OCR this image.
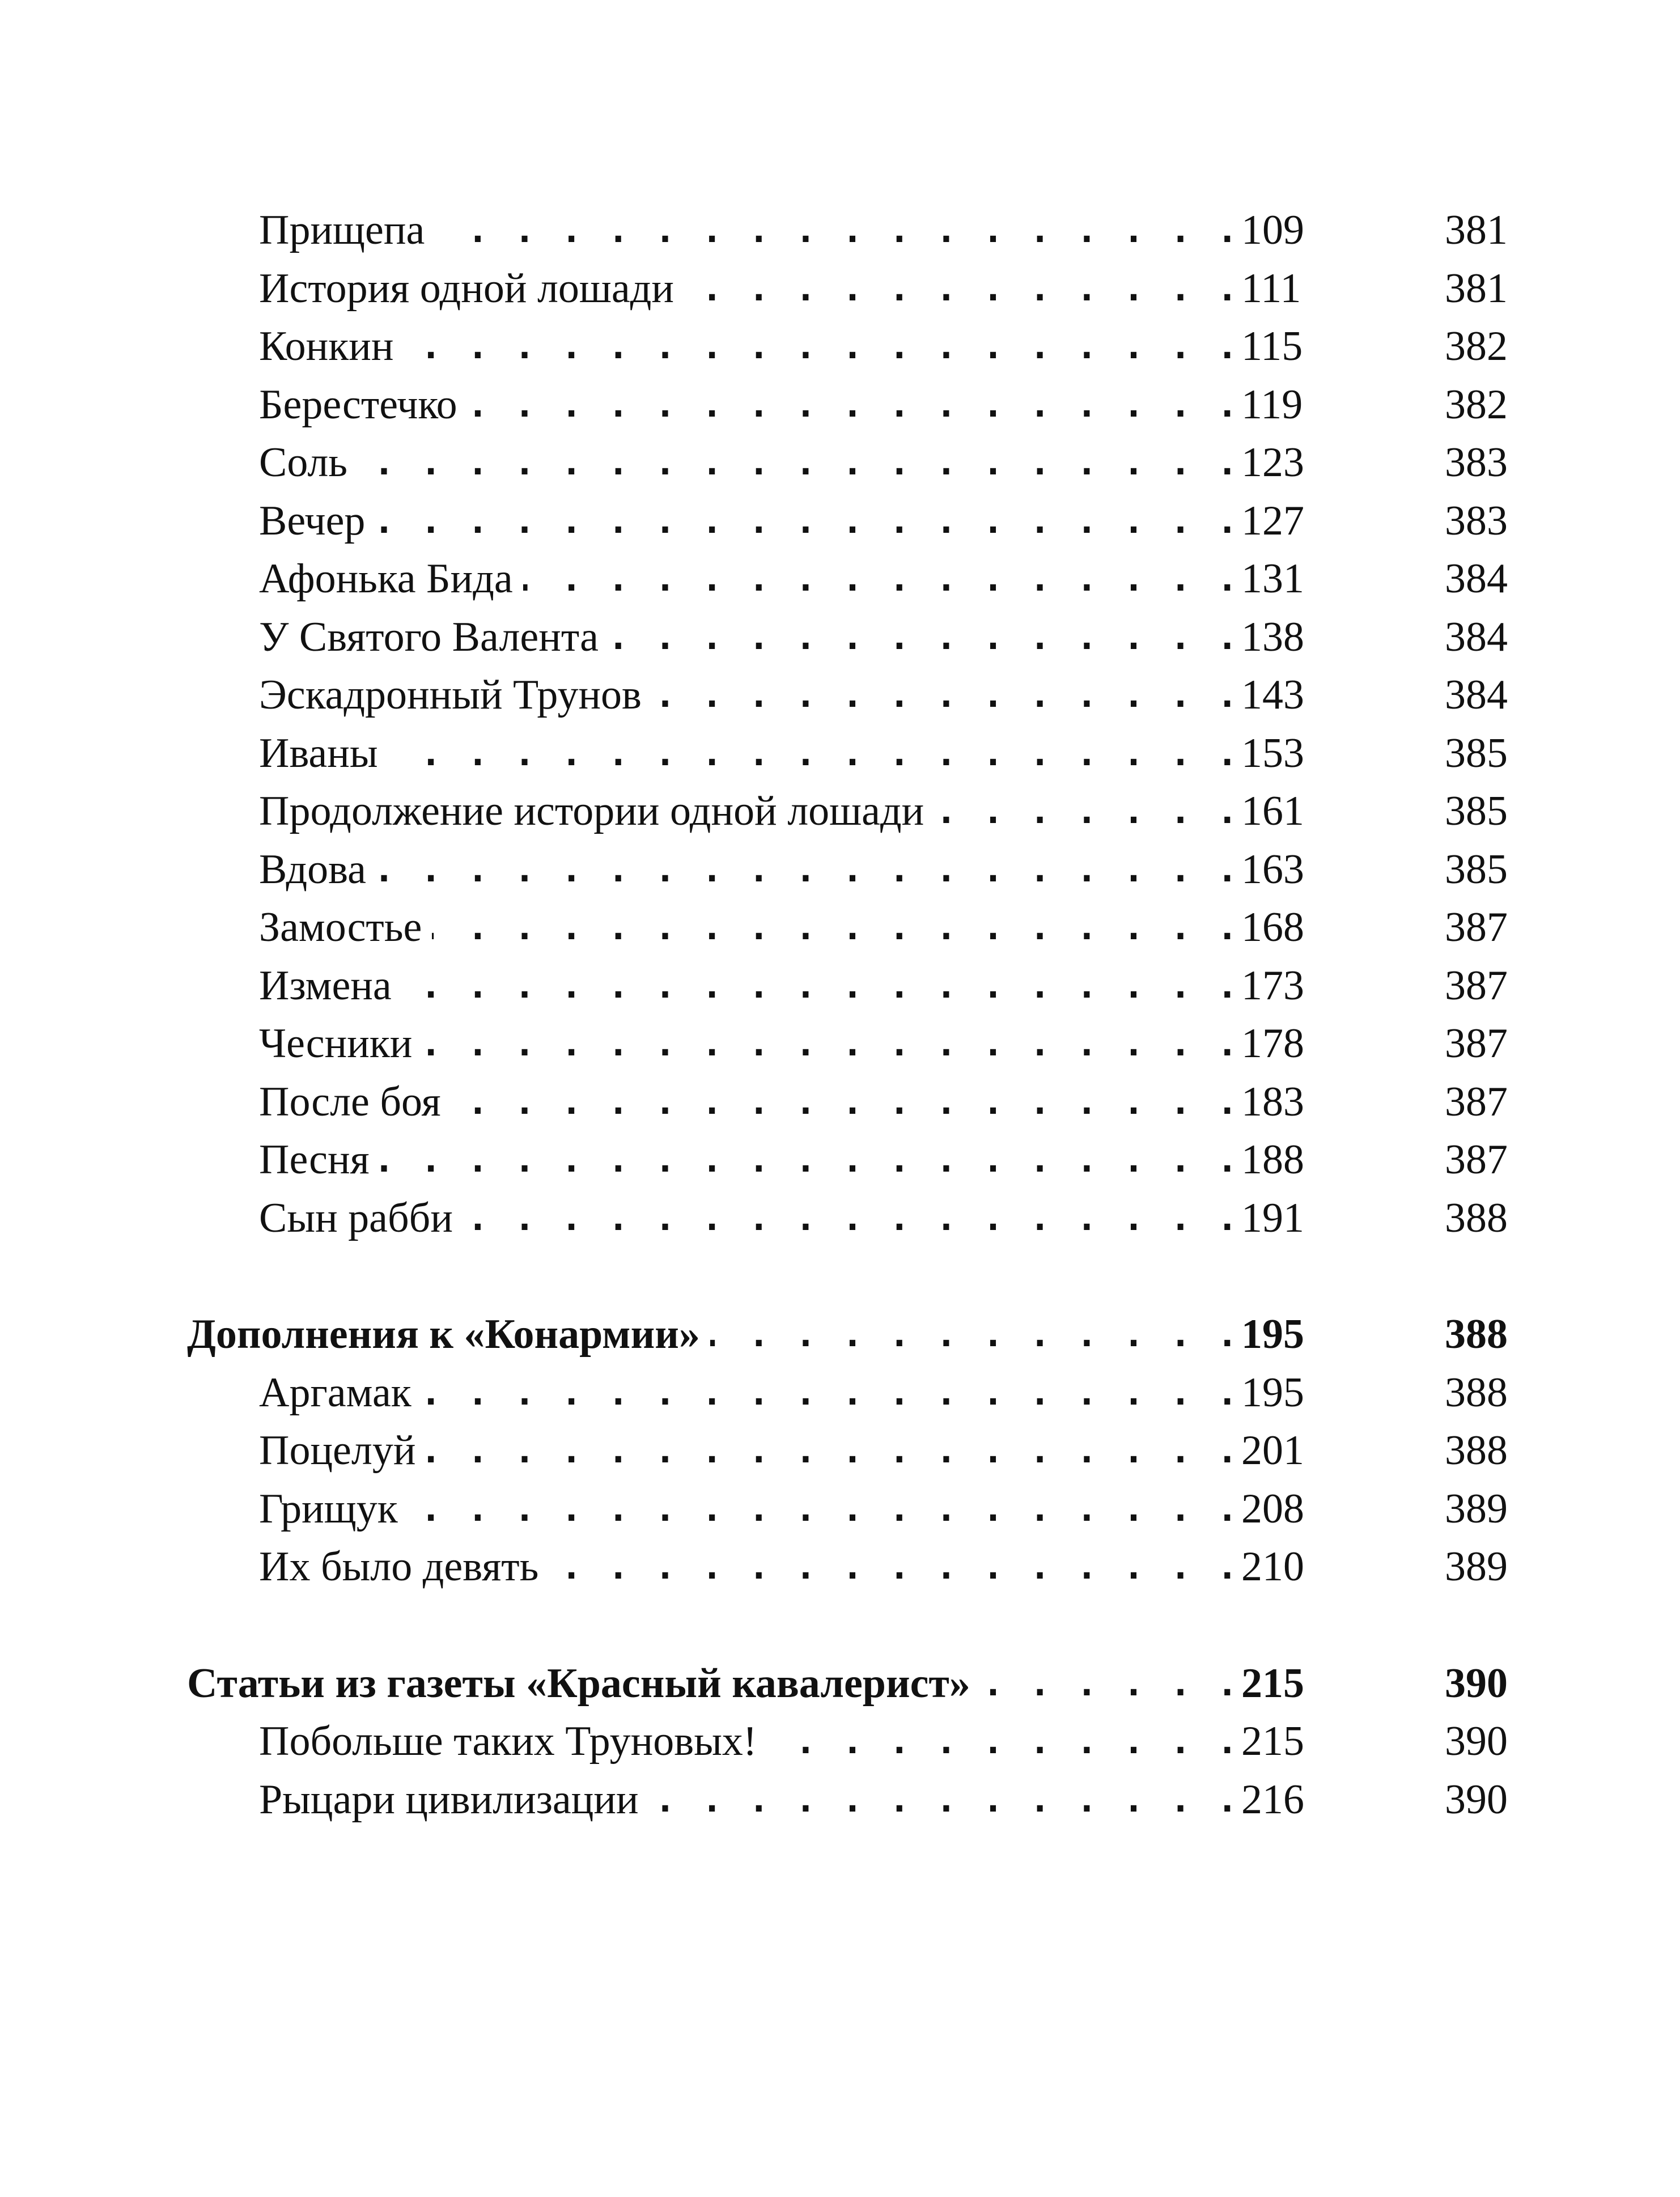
Прищепа . . .	109	381
История одной лошади . . .	111	381
Конкин . . .	115	382
Берестечко . . .	119	382
Соль . . .	123	383
Вечер . . .	127	383
Афонька Бида . . .	131	384
У Святого Валента . . .	138	384
Эскадронный Трунов . . .	143	384
Иваны . . .	153	385
Продолжение истории одной лошади . . .	161	385
Вдова . . .	163	385
Замостье . . .	168	387
Измена . . .	173	387
Чесники . . .	178	387
После боя . . .	183	387
Песня . . .	188	387
Сын рабби . . .	191	388
Дополнения к «Конармии» . . .	195	388
Аргамак . . .	195	388
Поцелуй . . .	201	388
Грищук . . .	208	389
Их было девять . . .	210	389
Статьи из газеты «Красный кавалерист» . . .	215	390
Побольше таких Труновых! . . .	215	390
Рыцари цивилизации . . .	216	390
